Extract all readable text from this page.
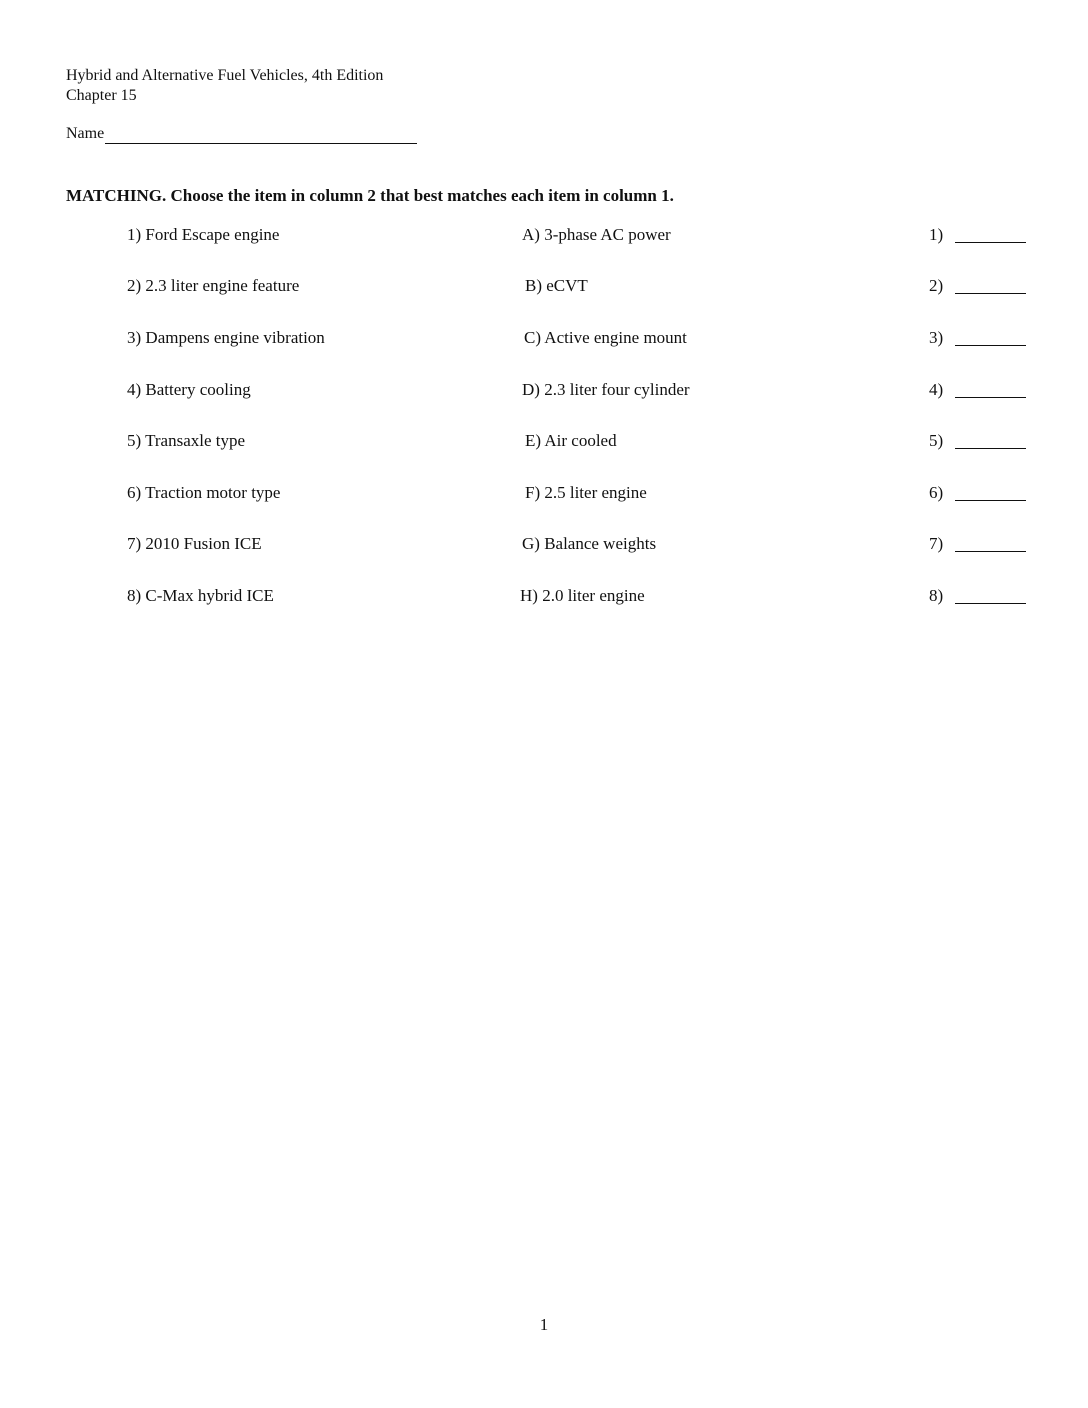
Hybrid and Alternative Fuel Vehicles, 4th Edition
Chapter 15
Name
MATCHING. Choose the item in column 2 that best matches each item in column 1.
1) Ford Escape engine	A) 3-phase AC power	1)
2) 2.3 liter engine feature	B) eCVT	2)
3) Dampens engine vibration	C) Active engine mount	3)
4) Battery cooling	D) 2.3 liter four cylinder	4)
5) Transaxle type	E) Air cooled	5)
6) Traction motor type	F) 2.5 liter engine	6)
7) 2010 Fusion ICE	G) Balance weights	7)
8) C-Max hybrid ICE	H) 2.0 liter engine	8)
1
